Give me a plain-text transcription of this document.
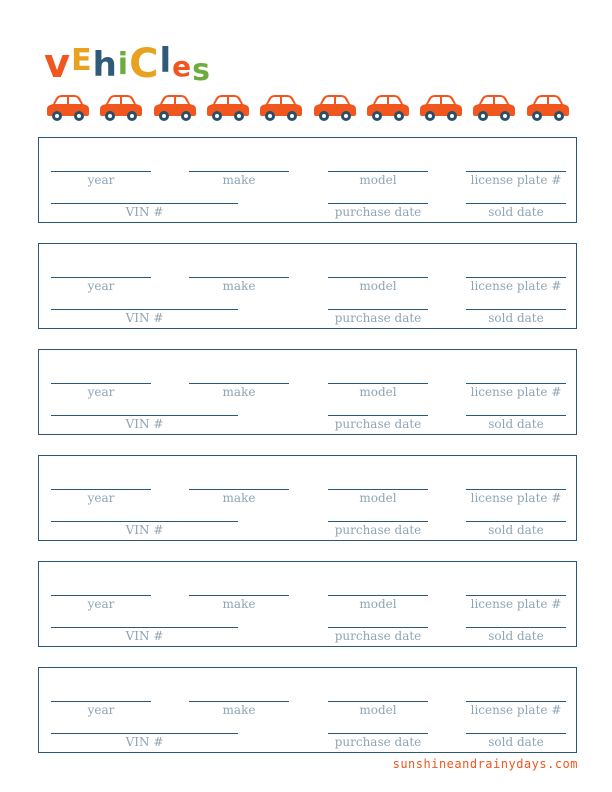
v E h i C l e s
year	make	model	license plate #
VIN #	purchase date	sold date
year	make	model	license plate #
VIN #	purchase date	sold date
year	make	model	license plate #
VIN #	purchase date	sold date
year	make	model	license plate #
VIN #	purchase date	sold date
year	make	model	license plate #
VIN #	purchase date	sold date
year	make	model	license plate #
VIN #	purchase date	sold date
sunshineandrainydays.com
